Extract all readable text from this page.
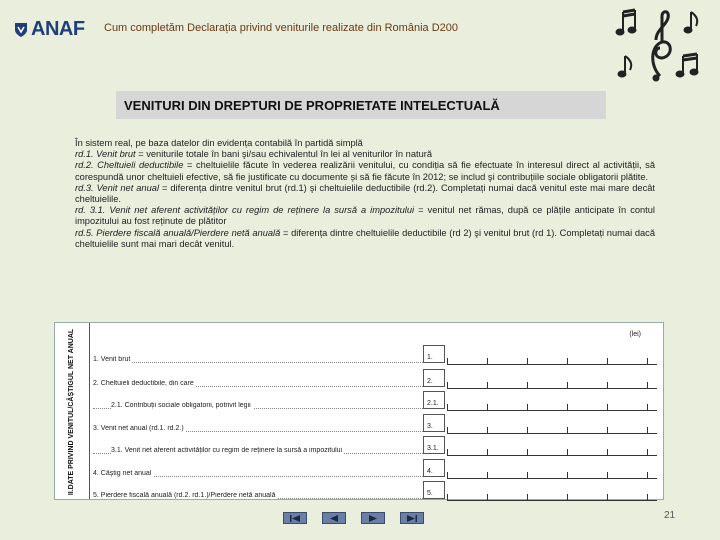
ANAF Cum completăm Declarația privind veniturile realizate din România D200
VENITURI DIN DREPTURI DE PROPRIETATE INTELECTUALĂ

În sistem real, pe baza datelor din evidența contabilă în partidă simplă

rd.1. Venit brut = veniturile totale în bani şi/sau echivalentul în lei al veniturilor în natură

rd.2. Cheltuieli deductibile = cheltuielile făcute în vederea realizării venitului, cu condiția să fie efectuate în interesul direct al activității, să corespundă unor cheltuieli efective, să fie justificate cu documente și să fie făcute în 2012; se includ şi contribuțiile sociale obligatorii plătite.

rd.3. Venit net anual = diferența dintre venitul brut (rd.1) şi cheltuielile deductibile (rd.2). Completați numai dacă venitul este mai mare decât cheltuielile.

rd. 3.1. Venit net aferent activităților cu regim de reținere la sursă a impozitului = venitul net rămas, după ce plățile anticipate în contul impozitului au fost reținute de plătitor

rd.5. Pierdere fiscală anuală/Pierdere netă anuală = diferența dintre cheltuielile deductibile (rd 2) şi venitul brut (rd 1). Completați numai dacă cheltuielile sunt mai mari decât venitul.

II.DATE PRIVIND VENITUL/CÂȘTIGUL NET ANUAL	(lei)
1. Venit brut	1.
2. Cheltuieli deductibile, din care	2.
2.1. Contribuții sociale obligatorii, potrivit legii	2.1.
3. Venit net anual (rd.1. rd.2.)	3.
3.1. Venit net aferent activităților cu regim de reținere la sursă a impozitului	3.1.
4. Câştig net anual	4.
5. Pierdere fiscală anuală (rd.2. rd.1.)/Pierdere netă anuală	5.
21
